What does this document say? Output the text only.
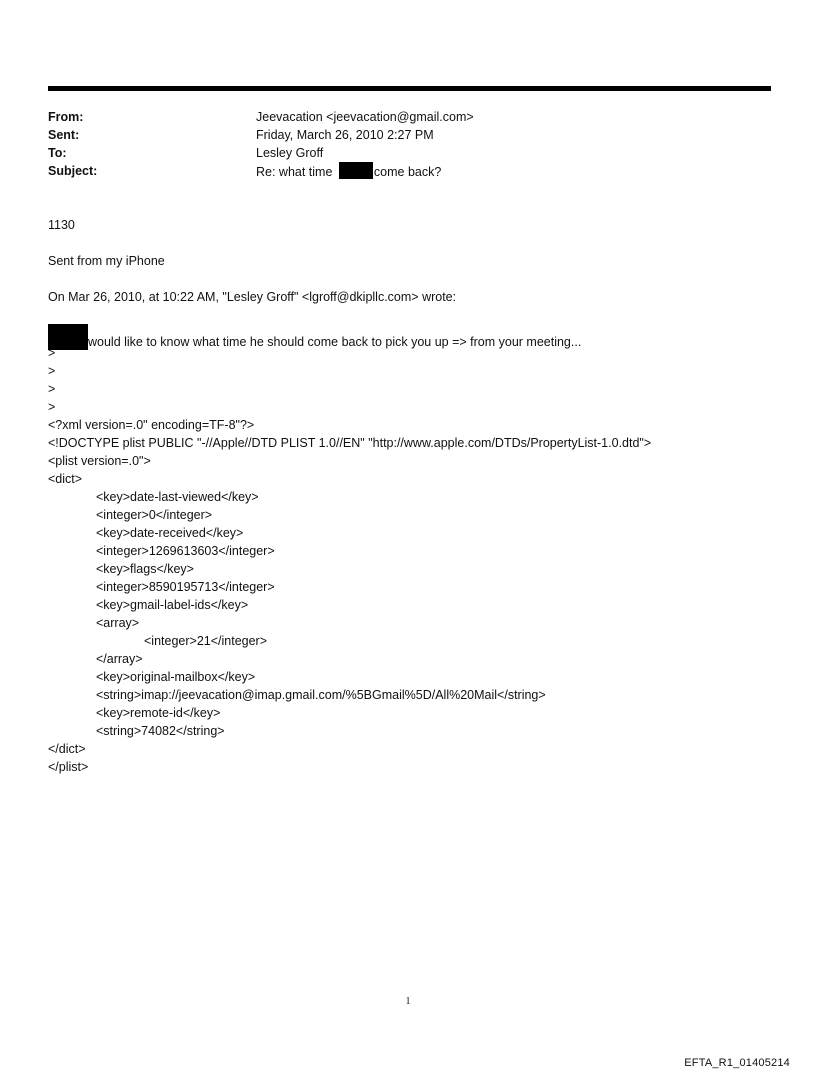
From:	Jeevacation <jeevacation@gmail.com>
Sent:	Friday, March 26, 2010 2:27 PM
To:	Lesley Groff
Subject:	Re: what time	come back?
1130
Sent from my iPhone
On Mar 26, 2010, at 10:22 AM, "Lesley Groff" <lgroff@dkipllc.com> wrote:
would like to know what time he should come back to pick you up => from your meeting...
>
>
>
>
<?xml version=.0" encoding=TF-8"?>
<!DOCTYPE plist PUBLIC "-//Apple//DTD PLIST 1.0//EN" "http://www.apple.com/DTDs/PropertyList-1.0.dtd">
<plist version=.0">
<dict>
<key>date-last-viewed</key>
<integer>0</integer>
<key>date-received</key>
<integer>1269613603</integer>
<key>flags</key>
<integer>8590195713</integer>
<key>gmail-label-ids</key>
<array>
<integer>21</integer>
</array>
<key>original-mailbox</key>
<string>imap://jeevacation@imap.gmail.com/%5BGmail%5D/All%20Mail</string>
<key>remote-id</key>
<string>74082</string>
</dict>
</plist>
1
EFTA_R1_01405214
